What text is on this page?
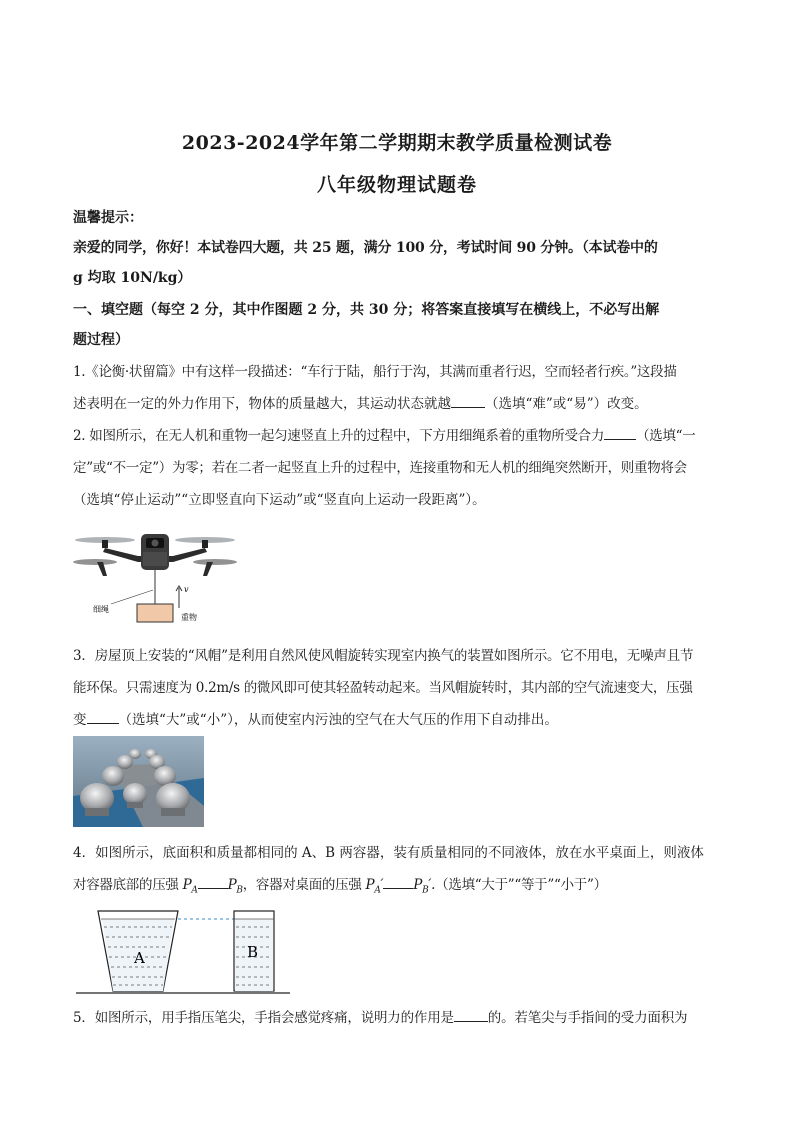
2023-2024学年第二学期期末教学质量检测试卷
八年级物理试题卷
温馨提示：
亲爱的同学，你好！本试卷四大题，共 25 题，满分 100 分，考试时间 90 分钟。（本试卷中的
g 均取 10N/kg）
一、填空题（每空 2 分，其中作图题 2 分，共 30 分；将答案直接填写在横线上，不必写出解
题过程）
1.《论衡·状留篇》中有这样一段描述：“车行于陆，船行于沟，其满而重者行迟，空而轻者行疾。”这段描
述表明在一定的外力作用下，物体的质量越大，其运动状态就越	（选填“难”或“易”）改变。
2. 如图所示，在无人机和重物一起匀速竖直上升的过程中，下方用细绳系着的重物所受合力 （选填“一
定”或“不一定”）为零；若在二者一起竖直上升的过程中，连接重物和无人机的细绳突然断开，则重物将会
（选填“停止运动”“立即竖直向下运动”或“竖直向上运动一段距离”）。
v
细绳
重物
3．房屋顶上安装的“风帽”是利用自然风使风帽旋转实现室内换气的装置如图所示。它不用电，无噪声且节
能环保。只需速度为 0.2m/s 的微风即可使其轻盈转动起来。当风帽旋转时，其内部的空气流速变大，压强
变 （选填“大”或“小”），从而使室内污浊的空气在大气压的作用下自动排出。
4．如图所示，底面积和质量都相同的 A、B 两容器，装有质量相同的不同液体，放在水平桌面上，则液体
对容器底部的压强 $P_A$ $P_B$，容器对桌面的压强 $P_A'$ $P_B'$.（选填“大于”“等于”“小于”）
A	B
5．如图所示，用手指压笔尖，手指会感觉疼痛，说明力的作用是	的。若笔尖与手指间的受力面积为
